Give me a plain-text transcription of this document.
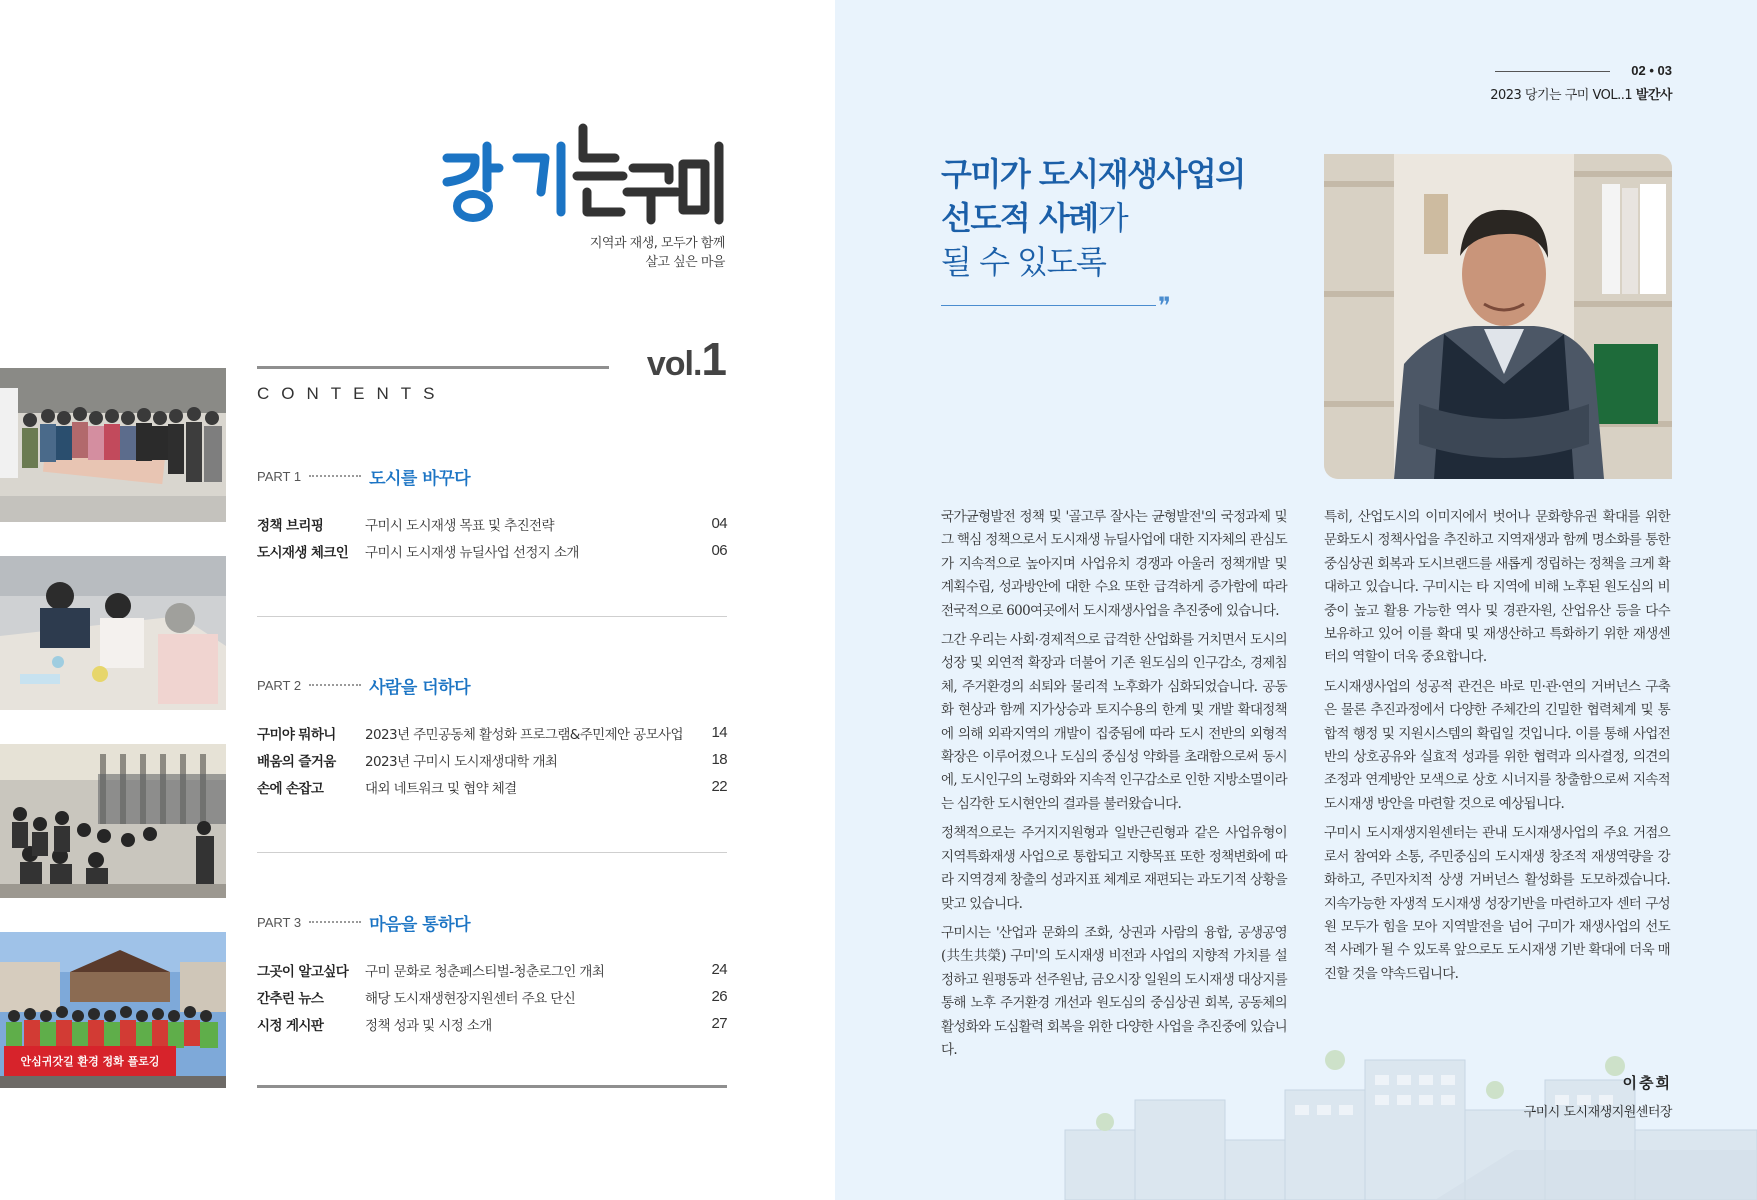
지역과 재생, 모두가 함께
살고 싶은 마을
vol.1
CONTENTS
안심귀갓길 환경 정화 플로깅
PART 1	도시를 바꾸다
정책 브리핑	구미시 도시재생 목표 및 추진전략	04
도시재생 체크인	구미시 도시재생 뉴딜사업 선정지 소개	06
PART 2	사람을 더하다
구미야 뭐하니	2023년 주민공동체 활성화 프로그램&주민제안 공모사업	14
배움의 즐거움	2023년 구미시 도시재생대학 개최	18
손에 손잡고	대외 네트워크 및 협약 체결	22
PART 3	마음을 통하다
그곳이 알고싶다	구미 문화로 청춘페스티벌-청춘로그인 개최	24
간추린 뉴스	해당 도시재생현장지원센터 주요 단신	26
시정 게시판	정책 성과 및 시정 소개	27
02 • 03
2023 당기는 구미 VOL..1 발간사
구미가 도시재생사업의
선도적 사례가
될 수 있도록
❞

국가균형발전 정책 및 '골고루 잘사는 균형발전'의 국정과제 및 그 핵심 정책으로서 도시재생 뉴딜사업에 대한 지자체의 관심도가 지속적으로 높아지며 사업유치 경쟁과 아울러 정책개발 및 계획수립, 성과방안에 대한 수요 또한 급격하게 증가함에 따라 전국적으로 600여곳에서 도시재생사업을 추진중에 있습니다.

그간 우리는 사회·경제적으로 급격한 산업화를 거치면서 도시의 성장 및 외연적 확장과 더불어 기존 원도심의 인구감소, 경제침체, 주거환경의 쇠퇴와 물리적 노후화가 심화되었습니다. 공동화 현상과 함께 지가상승과 토지수용의 한계 및 개발 확대정책에 의해 외곽지역의 개발이 집중됨에 따라 도시 전반의 외형적 확장은 이루어졌으나 도심의 중심성 약화를 초래함으로써 동시에, 도시인구의 노령화와 지속적 인구감소로 인한 지방소멸이라는 심각한 도시현안의 결과를 불러왔습니다.

정책적으로는 주거지지원형과 일반근린형과 같은 사업유형이 지역특화재생 사업으로 통합되고 지향목표 또한 정책변화에 따라 지역경제 창출의 성과지표 체계로 재편되는 과도기적 상황을 맞고 있습니다.

구미시는 '산업과 문화의 조화, 상권과 사람의 융합, 공생공영(共生共榮) 구미'의 도시재생 비전과 사업의 지향적 가치를 설정하고 원평동과 선주원남, 금오시장 일원의 도시재생 대상지를 통해 노후 주거환경 개선과 원도심의 중심상권 회복, 공동체의 활성화와 도심활력 회복을 위한 다양한 사업을 추진중에 있습니다.

특히, 산업도시의 이미지에서 벗어나 문화향유권 확대를 위한 문화도시 정책사업을 추진하고 지역재생과 함께 명소화를 통한 중심상권 회복과 도시브랜드를 새롭게 정립하는 정책을 크게 확대하고 있습니다. 구미시는 타 지역에 비해 노후된 원도심의 비중이 높고 활용 가능한 역사 및 경관자원, 산업유산 등을 다수 보유하고 있어 이를 확대 및 재생산하고 특화하기 위한 재생센터의 역할이 더욱 중요합니다.

도시재생사업의 성공적 관건은 바로 민·관·연의 거버넌스 구축은 물론 추진과정에서 다양한 주체간의 긴밀한 협력체계 및 통합적 행정 및 지원시스템의 확립일 것입니다. 이를 통해 사업전반의 상호공유와 실효적 성과를 위한 협력과 의사결정, 의견의 조정과 연계방안 모색으로 상호 시너지를 창출함으로써 지속적 도시재생 방안을 마련할 것으로 예상됩니다.

구미시 도시재생지원센터는 관내 도시재생사업의 주요 거점으로서 참여와 소통, 주민중심의 도시재생 창조적 재생역량을 강화하고, 주민자치적 상생 거버넌스 활성화를 도모하겠습니다. 지속가능한 자생적 도시재생 성장기반을 마련하고자 센터 구성원 모두가 힘을 모아 지역발전을 넘어 구미가 재생사업의 선도적 사례가 될 수 있도록 앞으로도 도시재생 기반 확대에 더욱 매진할 것을 약속드립니다.

이충희
구미시 도시재생지원센터장
